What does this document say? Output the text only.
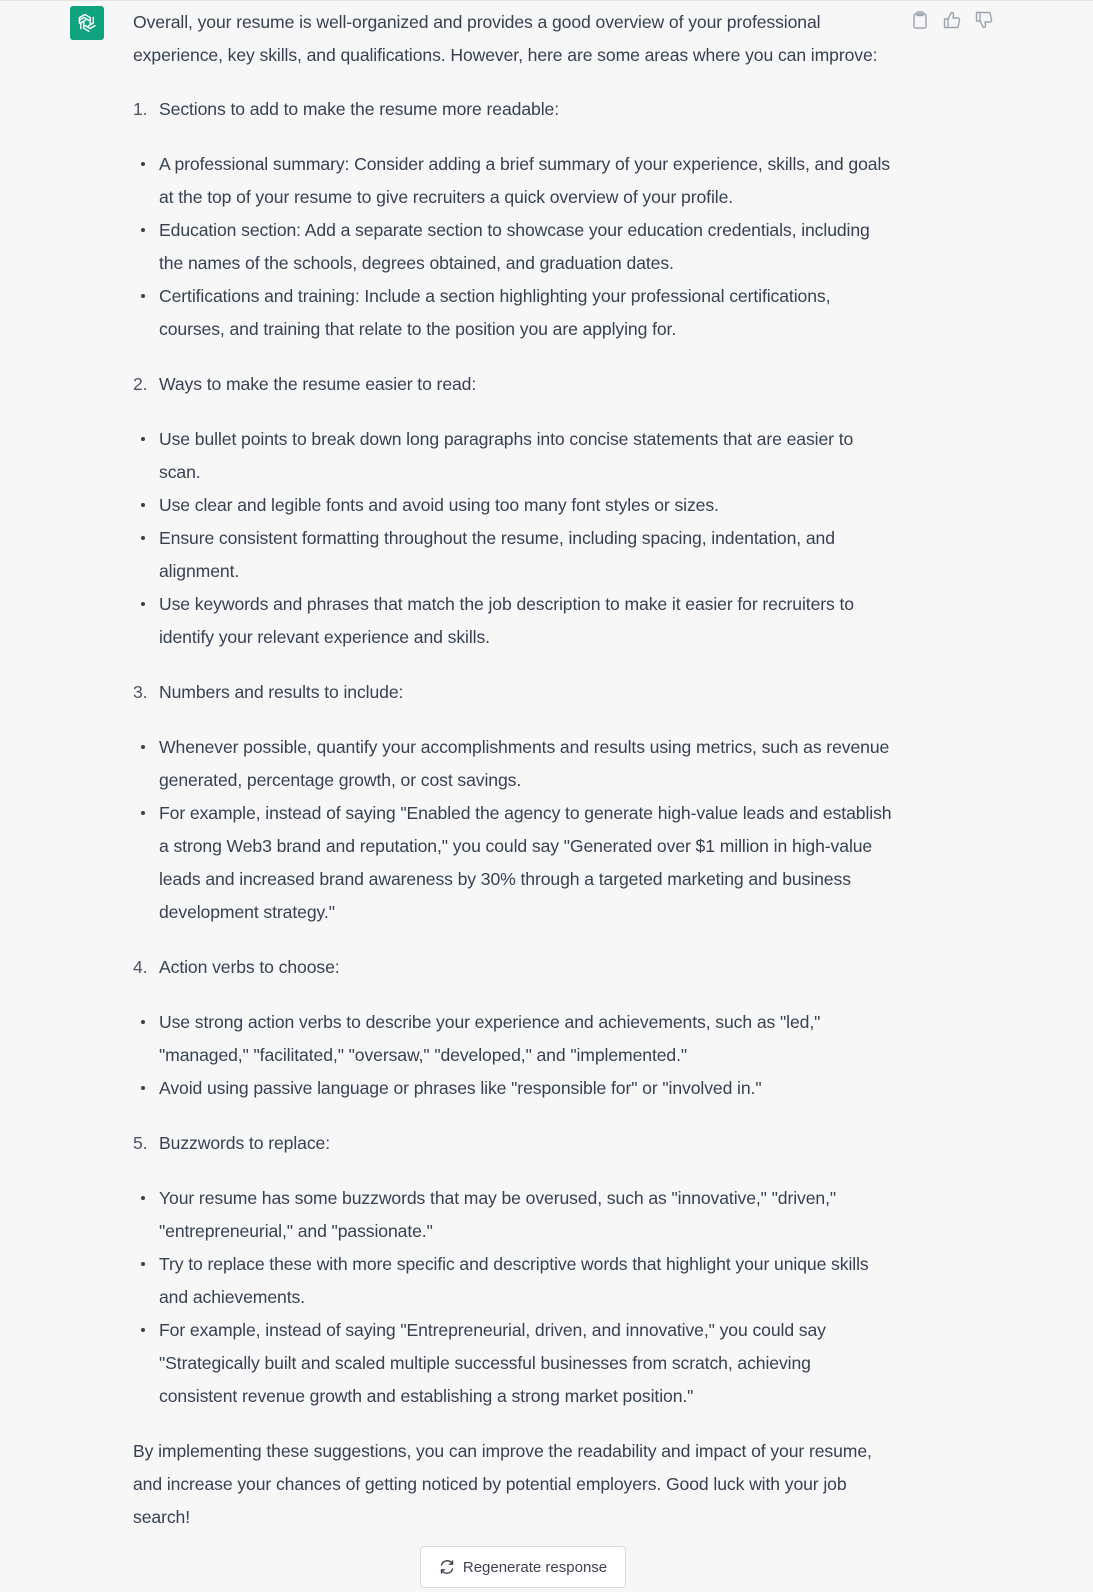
Overall, your resume is well-organized and provides a good overview of your professional experience, key skills, and qualifications. However, here are some areas where you can improve:

1. Sections to add to make the resume more readable:
A professional summary: Consider adding a brief summary of your experience, skills, and goals at the top of your resume to give recruiters a quick overview of your profile.
Education section: Add a separate section to showcase your education credentials, including the names of the schools, degrees obtained, and graduation dates.
Certifications and training: Include a section highlighting your professional certifications, courses, and training that relate to the position you are applying for.
2. Ways to make the resume easier to read:
Use bullet points to break down long paragraphs into concise statements that are easier to scan.
Use clear and legible fonts and avoid using too many font styles or sizes.
Ensure consistent formatting throughout the resume, including spacing, indentation, and alignment.
Use keywords and phrases that match the job description to make it easier for recruiters to identify your relevant experience and skills.
3. Numbers and results to include:
Whenever possible, quantify your accomplishments and results using metrics, such as revenue generated, percentage growth, or cost savings.
For example, instead of saying "Enabled the agency to generate high-value leads and establish a strong Web3 brand and reputation," you could say "Generated over $1 million in high-value leads and increased brand awareness by 30% through a targeted marketing and business development strategy."
4. Action verbs to choose:
Use strong action verbs to describe your experience and achievements, such as "led," "managed," "facilitated," "oversaw," "developed," and "implemented."
Avoid using passive language or phrases like "responsible for" or "involved in."
5. Buzzwords to replace:
Your resume has some buzzwords that may be overused, such as "innovative," "driven," "entrepreneurial," and "passionate."
Try to replace these with more specific and descriptive words that highlight your unique skills and achievements.
For example, instead of saying "Entrepreneurial, driven, and innovative," you could say "Strategically built and scaled multiple successful businesses from scratch, achieving consistent revenue growth and establishing a strong market position."

By implementing these suggestions, you can improve the readability and impact of your resume, and increase your chances of getting noticed by potential employers. Good luck with your job search!

Regenerate response
